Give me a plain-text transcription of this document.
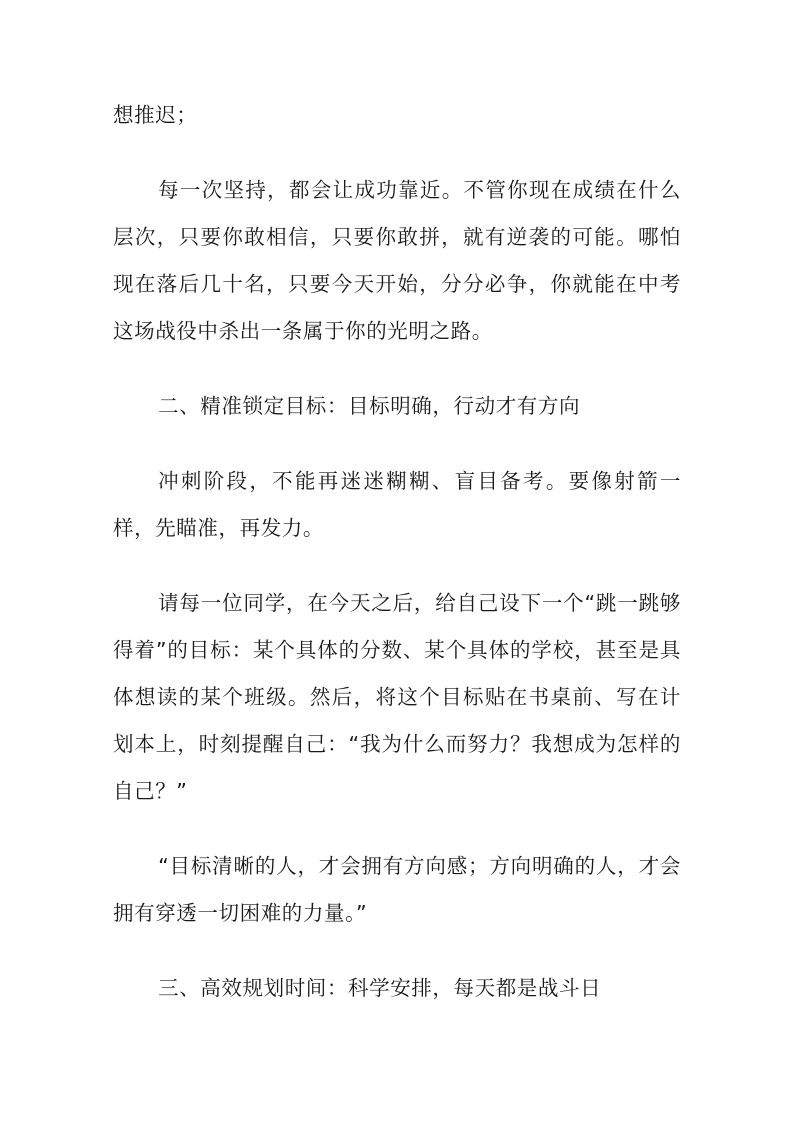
想推迟；

每一次坚持，都会让成功靠近。不管你现在成绩在什么层次，只要你敢相信，只要你敢拼，就有逆袭的可能。哪怕现在落后几十名，只要今天开始，分分必争，你就能在中考这场战役中杀出一条属于你的光明之路。

二、精准锁定目标：目标明确，行动才有方向

冲刺阶段，不能再迷迷糊糊、盲目备考。要像射箭一样，先瞄准，再发力。

请每一位同学，在今天之后，给自己设下一个“跳一跳够得着”的目标：某个具体的分数、某个具体的学校，甚至是具体想读的某个班级。然后，将这个目标贴在书桌前、写在计划本上，时刻提醒自己：“我为什么而努力？我想成为怎样的自己？”

“目标清晰的人，才会拥有方向感；方向明确的人，才会拥有穿透一切困难的力量。”

三、高效规划时间：科学安排，每天都是战斗日
